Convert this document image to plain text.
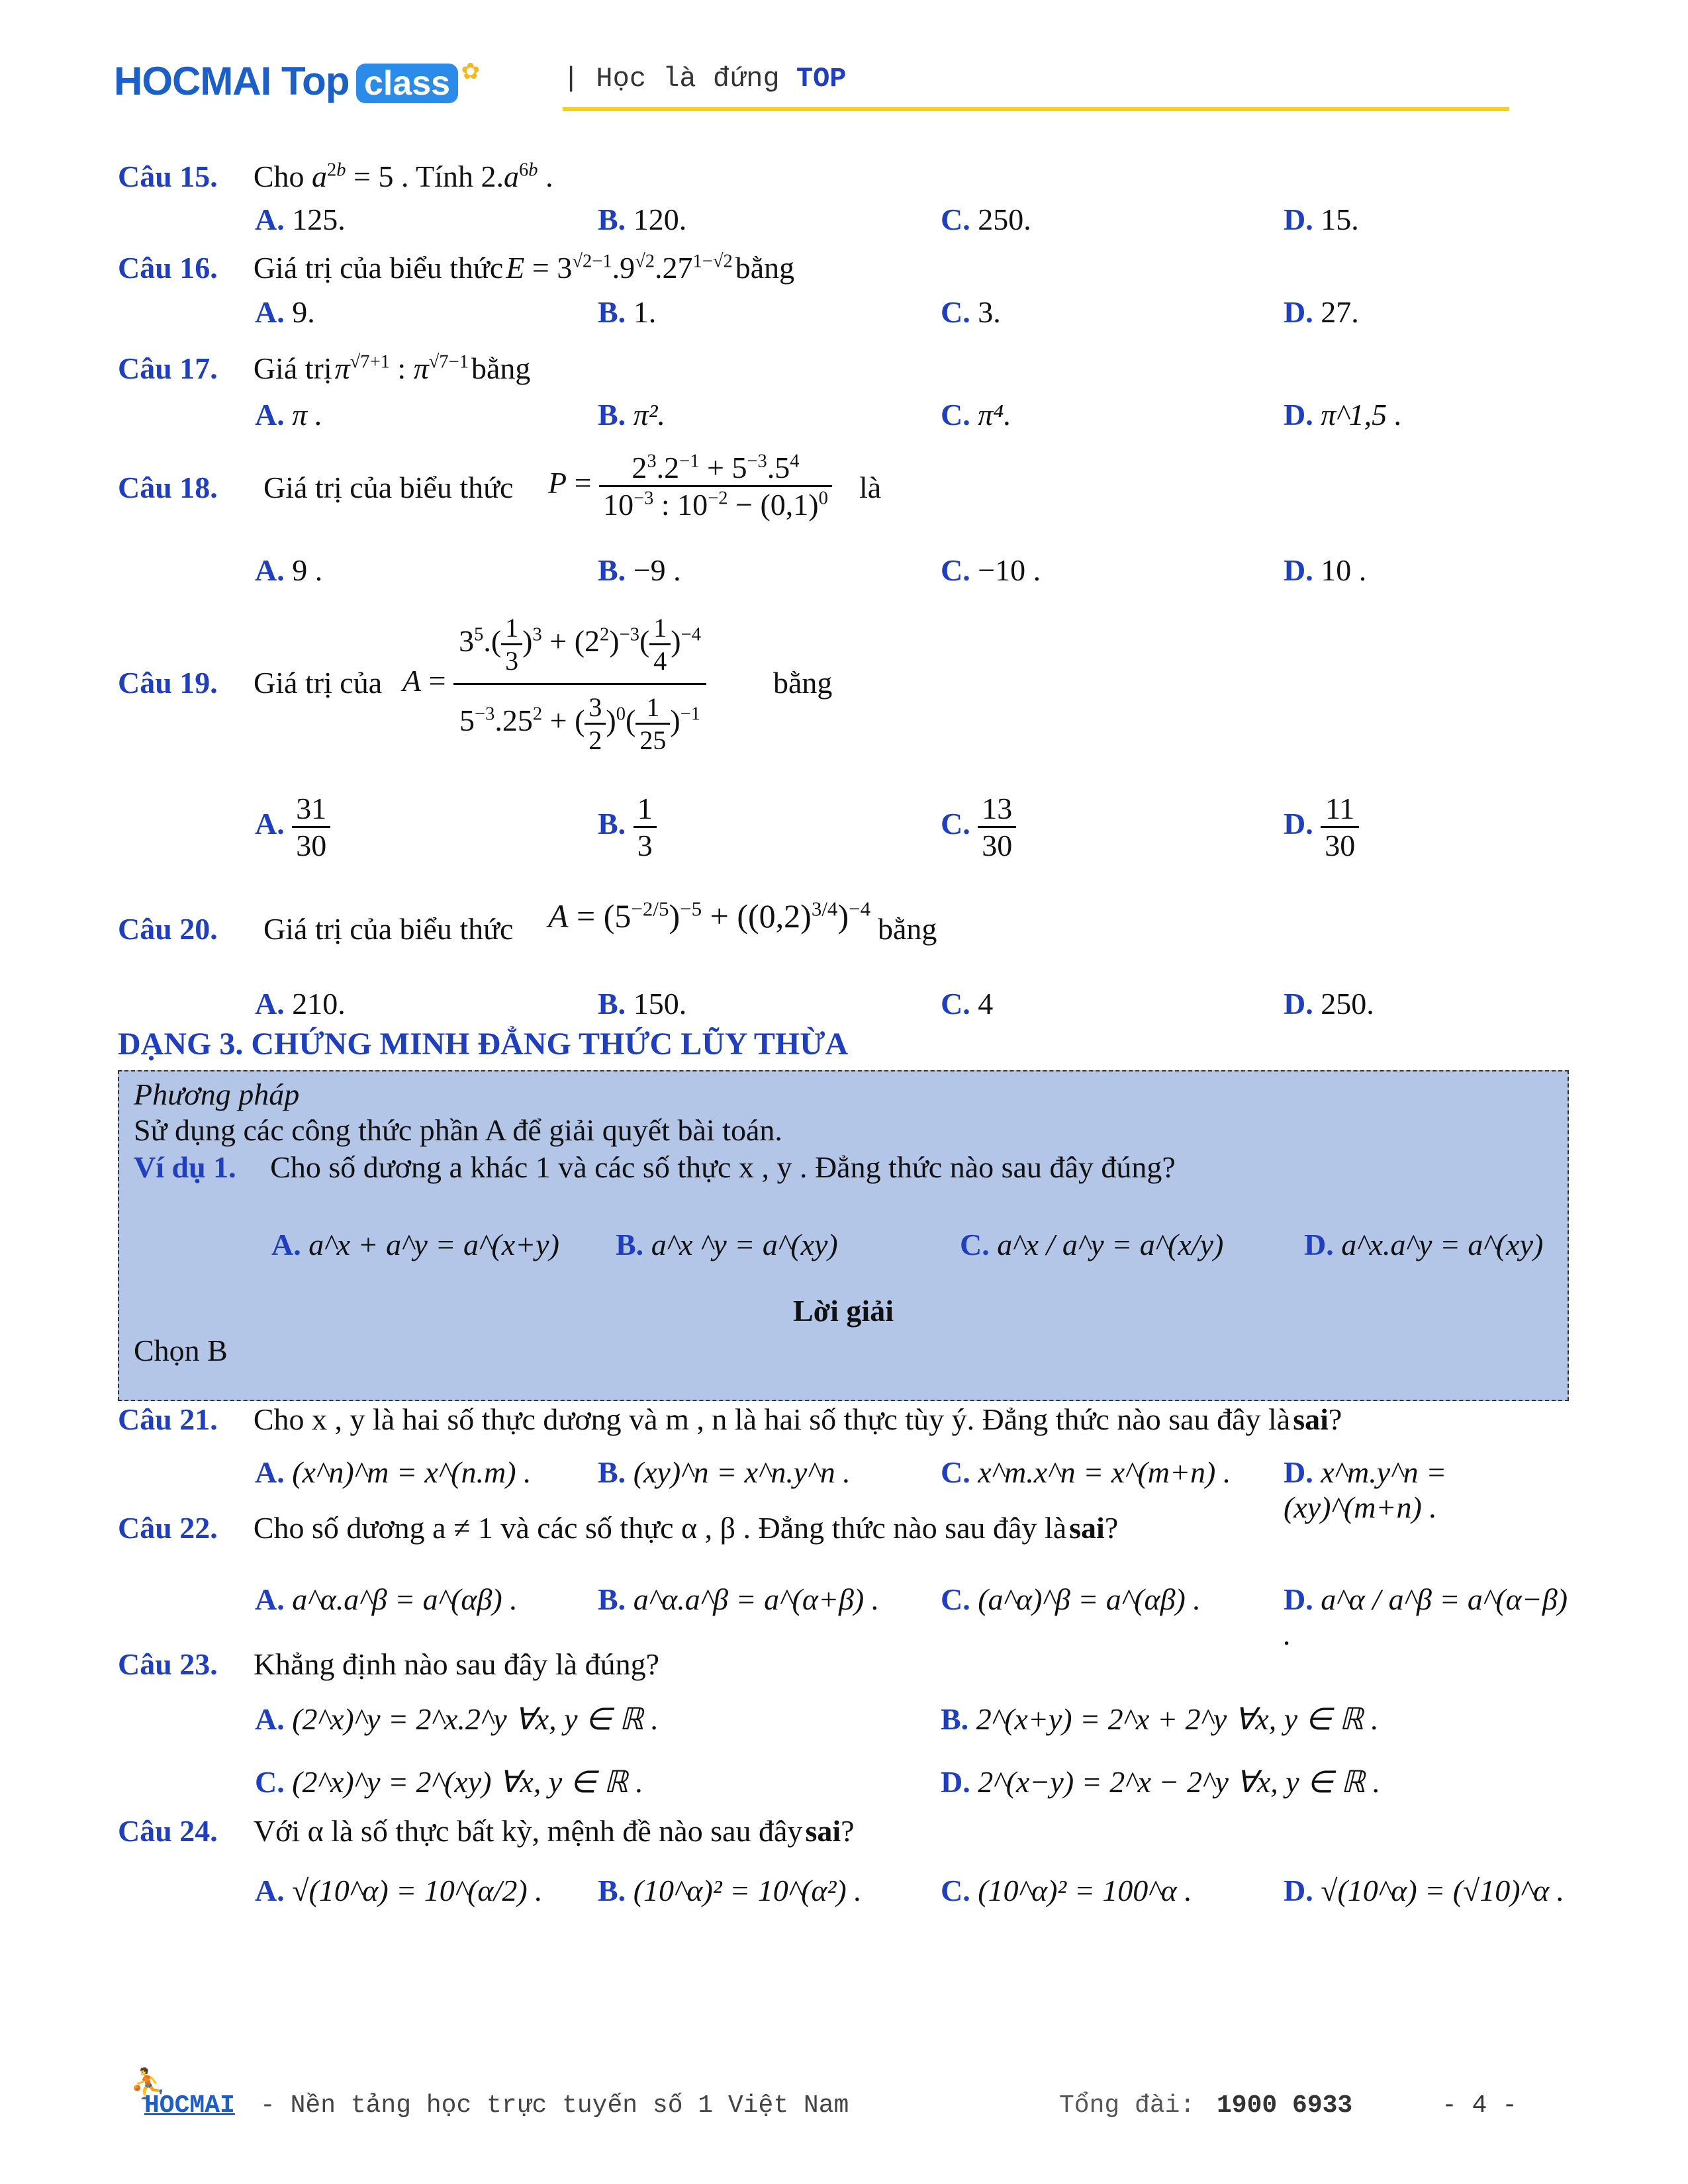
HOCMAI Top class ✿	| Học là đứng TOP
Câu 15. Cho $a^{2b} = 5$ . Tính $2.a^{6b}$ .
A. 125.	B. 120.	C. 250.	D. 15.
Câu 16. Giá trị của biểu thức $E = 3^{√2-1}.9^{√2}.27^{1-√2}$ bằng
A. 9.	B. 1.	C. 3.	D. 27.
Câu 17. Giá trị $\pi^{√7+1}$ : $\pi^{√7-1}$ bằng
A. π .	B. π².	C. π⁴.	D. π^1,5 .
Câu 18. Giá trị của biểu thức $P = \frac{2^3.2^{-1} + 5^{-3}.5^4}{10^{-3} : 10^{-2} - (0,1)^0}$ là
A. 9 .	B. −9 .	C. −10 .	D. 10 .
Câu 19. Giá trị của $A = \frac{3^5.( \frac{1}{3} )^3 + (2^2)^{-3}( \frac{1}{4} )^{-4}}{5^{-3}.25^2 + ( \frac{3}{2} )^0( \frac{1}{25} )^{-1}}$ bằng
A. $\frac{31}{30}$	B. $\frac{1}{3}$	C. $\frac{13}{30}$	D. $\frac{11}{30}$
Câu 20. Giá trị của biểu thức $A = (5^{-2/5})^{-5} + ((0,2)^{3/4})^{-4}$
bằng
A. 210.	B. 150.	C. 4	D. 250.
DẠNG 3. CHỨNG MINH ĐẲNG THỨC LŨY THỪA
Phương pháp
Sử dụng các công thức phần A để giải quyết bài toán.
Ví dụ 1. Cho số dương a khác 1 và các số thực x , y . Đẳng thức nào sau đây đúng?
A. a^x + a^y = a^(x+y) B. a^x ^y = a^(xy)	C. a^x / a^y = a^(x/y)	D. a^x.a^y = a^(xy)
Lời giải
Chọn B
Câu 21. Cho x , y là hai số thực dương và m , n là hai số thực tùy ý. Đẳng thức nào sau đây là sai?
A. (x^n)^m = x^(n.m) . B. (xy)^n = x^n.y^n .	C. x^m.x^n = x^(m+n) . D. x^m.y^n = (xy)^(m+n) .
Câu 22. Cho số dương a ≠ 1 và các số thực α , β . Đẳng thức nào sau đây là sai?
A. a^α.a^β = a^(αβ) .	B. a^α.a^β = a^(α+β) . C. (a^α)^β = a^(αβ) .	D. a^α / a^β = a^(α−β) .
Câu 23. Khẳng định nào sau đây là đúng?
A. (2^x)^y = 2^x.2^y ∀x, y ∈ ℝ .	B. 2^(x+y) = 2^x + 2^y ∀x, y ∈ ℝ .
C. (2^x)^y = 2^(xy) ∀x, y ∈ ℝ .	D. 2^(x−y) = 2^x − 2^y ∀x, y ∈ ℝ .
Câu 24. Với α là số thực bất kỳ, mệnh đề nào sau đây sai?
A. √(10^α) = 10^(α/2) . B. (10^α)² = 10^(α²) .	C. (10^α)² = 100^α .	D. √(10^α) = (√10)^α .
⛹
HOCMAI - Nền tảng học trực tuyến số 1 Việt Nam	Tổng đài: 1900 6933	- 4 -
